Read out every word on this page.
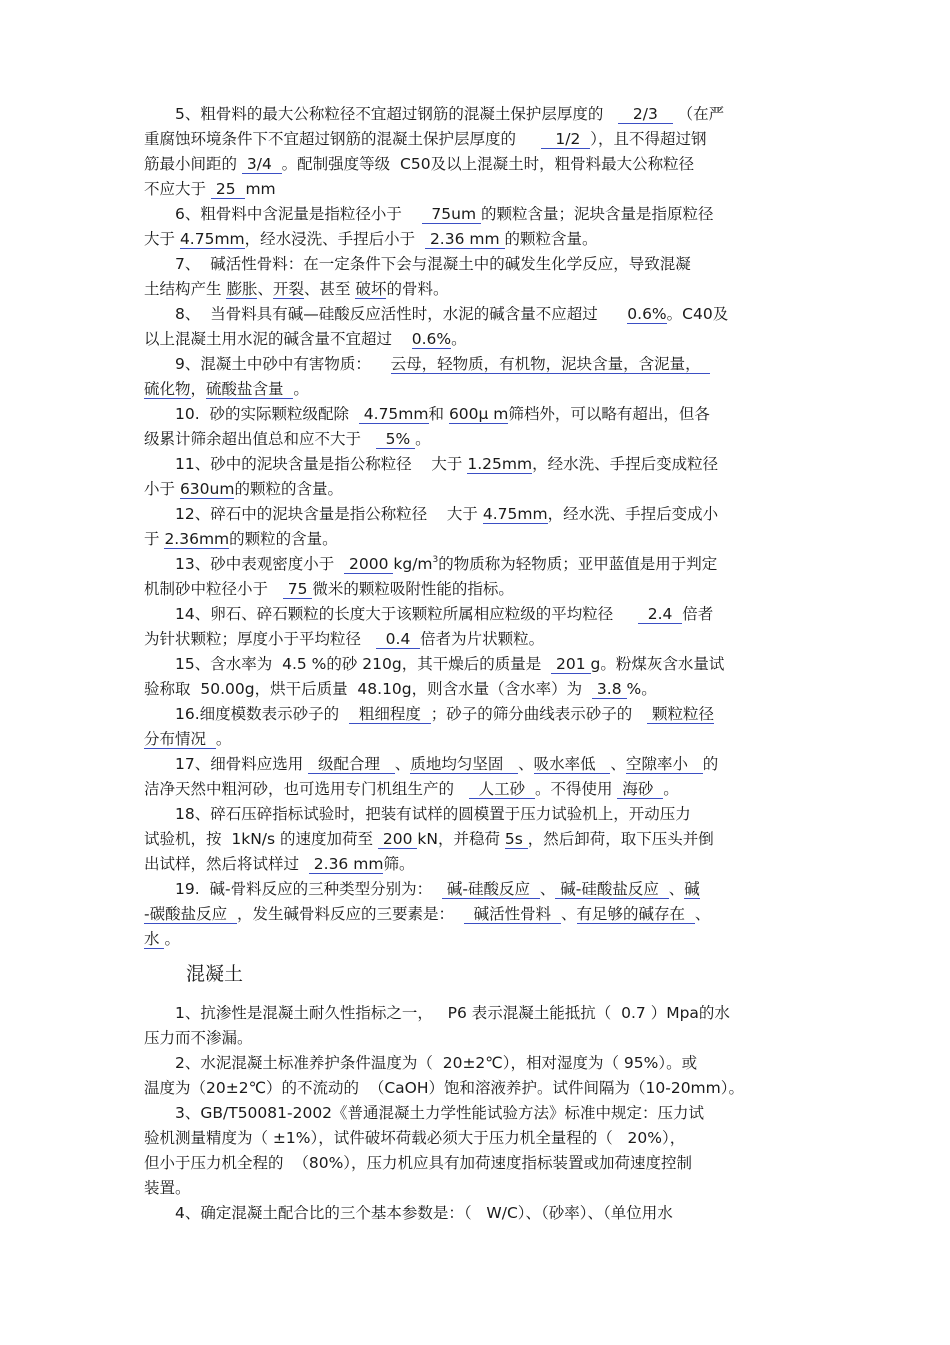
5、粗骨料的最大公称粒径不宜超过钢筋的混凝土保护层厚度的      2/3    （在严
重腐蚀环境条件下不宜超过钢筋的混凝土保护层厚度的        1/2  ），且不得超过钢
筋最小间距的  3/4  。配制强度等级  C50及以上混凝土时，粗骨料最大公称粒径
不应大于  25  mm
6、粗骨料中含泥量是指粒径小于      75um 的颗粒含量；泥块含量是指原粒径
大于 4.75mm，经水浸洗、手捏后小于   2.36 mm 的颗粒含量。
7、  碱活性骨料：在一定条件下会与混凝土中的碱发生化学反应，导致混凝
土结构产生 膨胀、开裂、甚至 破坏的骨料。
8、  当骨料具有碱—硅酸反应活性时，水泥的碱含量不应超过      0.6%。C40及
以上混凝土用水泥的碱含量不宜超过    0.6%。
9、混凝土中砂中有害物质：    云母，轻物质，有机物，泥块含量，含泥量，
硫化物，硫酸盐含量  。
10.  砂的实际颗粒级配除   4.75mm和 600μ m筛档外，可以略有超出，但各
级累计筛余超出值总和应不大于     5% 。
11、砂中的泥块含量是指公称粒径    大于 1.25mm，经水洗、手捏后变成粒径
小于 630um的颗粒的含量。
12、碎石中的泥块含量是指公称粒径    大于 4.75mm，经水洗、手捏后变成小
于 2.36mm的颗粒的含量。
13、砂中表观密度小于   2000 $kg/m^3$的物质称为轻物质；亚甲蓝值是用于判定
机制砂中粒径小于    75 微米的颗粒吸附性能的指标。
14、卵石、碎石颗粒的长度大于该颗粒所属相应粒级的平均粒径       2.4  倍者
为针状颗粒；厚度小于平均粒径     0.4  倍者为片状颗粒。
15、含水率为  4.5 %的砂 210g，其干燥后的质量是   201 g。粉煤灰含水量试
验称取  50.00g，烘干后质量  48.10g，则含水量（含水率）为   3.8 %。
16.细度模数表示砂子的    粗细程度  ；砂子的筛分曲线表示砂子的    颗粒粒径
分布情况  。
17、细骨料应选用   级配合理   、质地均匀坚固   、吸水率低   、空隙率小   的
洁净天然中粗河砂，也可选用专门机组生产的     人工砂  。不得使用  海砂  。
18、碎石压碎指标试验时，把装有试样的圆模置于压力试验机上，开动压力
试验机，按  1kN/s 的速度加荷至  200 kN，并稳荷 5s ，然后卸荷，取下压头并倒
出试样，然后将试样过   2.36 mm筛。
19.  碱-骨料反应的三种类型分别为：   碱-硅酸反应  、 碱-硅酸盐反应  、碱
-碳酸盐反应  ，发生碱骨料反应的三要素是：    碱活性骨料  、有足够的碱存在  、
水 。
混凝土
1、抗渗性是混凝土耐久性指标之一，   P6 表示混凝土能抵抗（  0.7 ）Mpa的水
压力而不渗漏。
2、水泥混凝土标准养护条件温度为（  20±2℃），相对湿度为（ 95%）。或
温度为（20±2℃）的不流动的  （CaOH）饱和溶液养护。试件间隔为（10-20mm）。
3、GB/T50081-2002《普通混凝土力学性能试验方法》标准中规定：压力试
验机测量精度为（ ±1%），试件破坏荷载必须大于压力机全量程的（   20%），
但小于压力机全程的  （80%），压力机应具有加荷速度指标装置或加荷速度控制
装置。
4、确定混凝土配合比的三个基本参数是：（   W/C）、（砂率）、（单位用水
